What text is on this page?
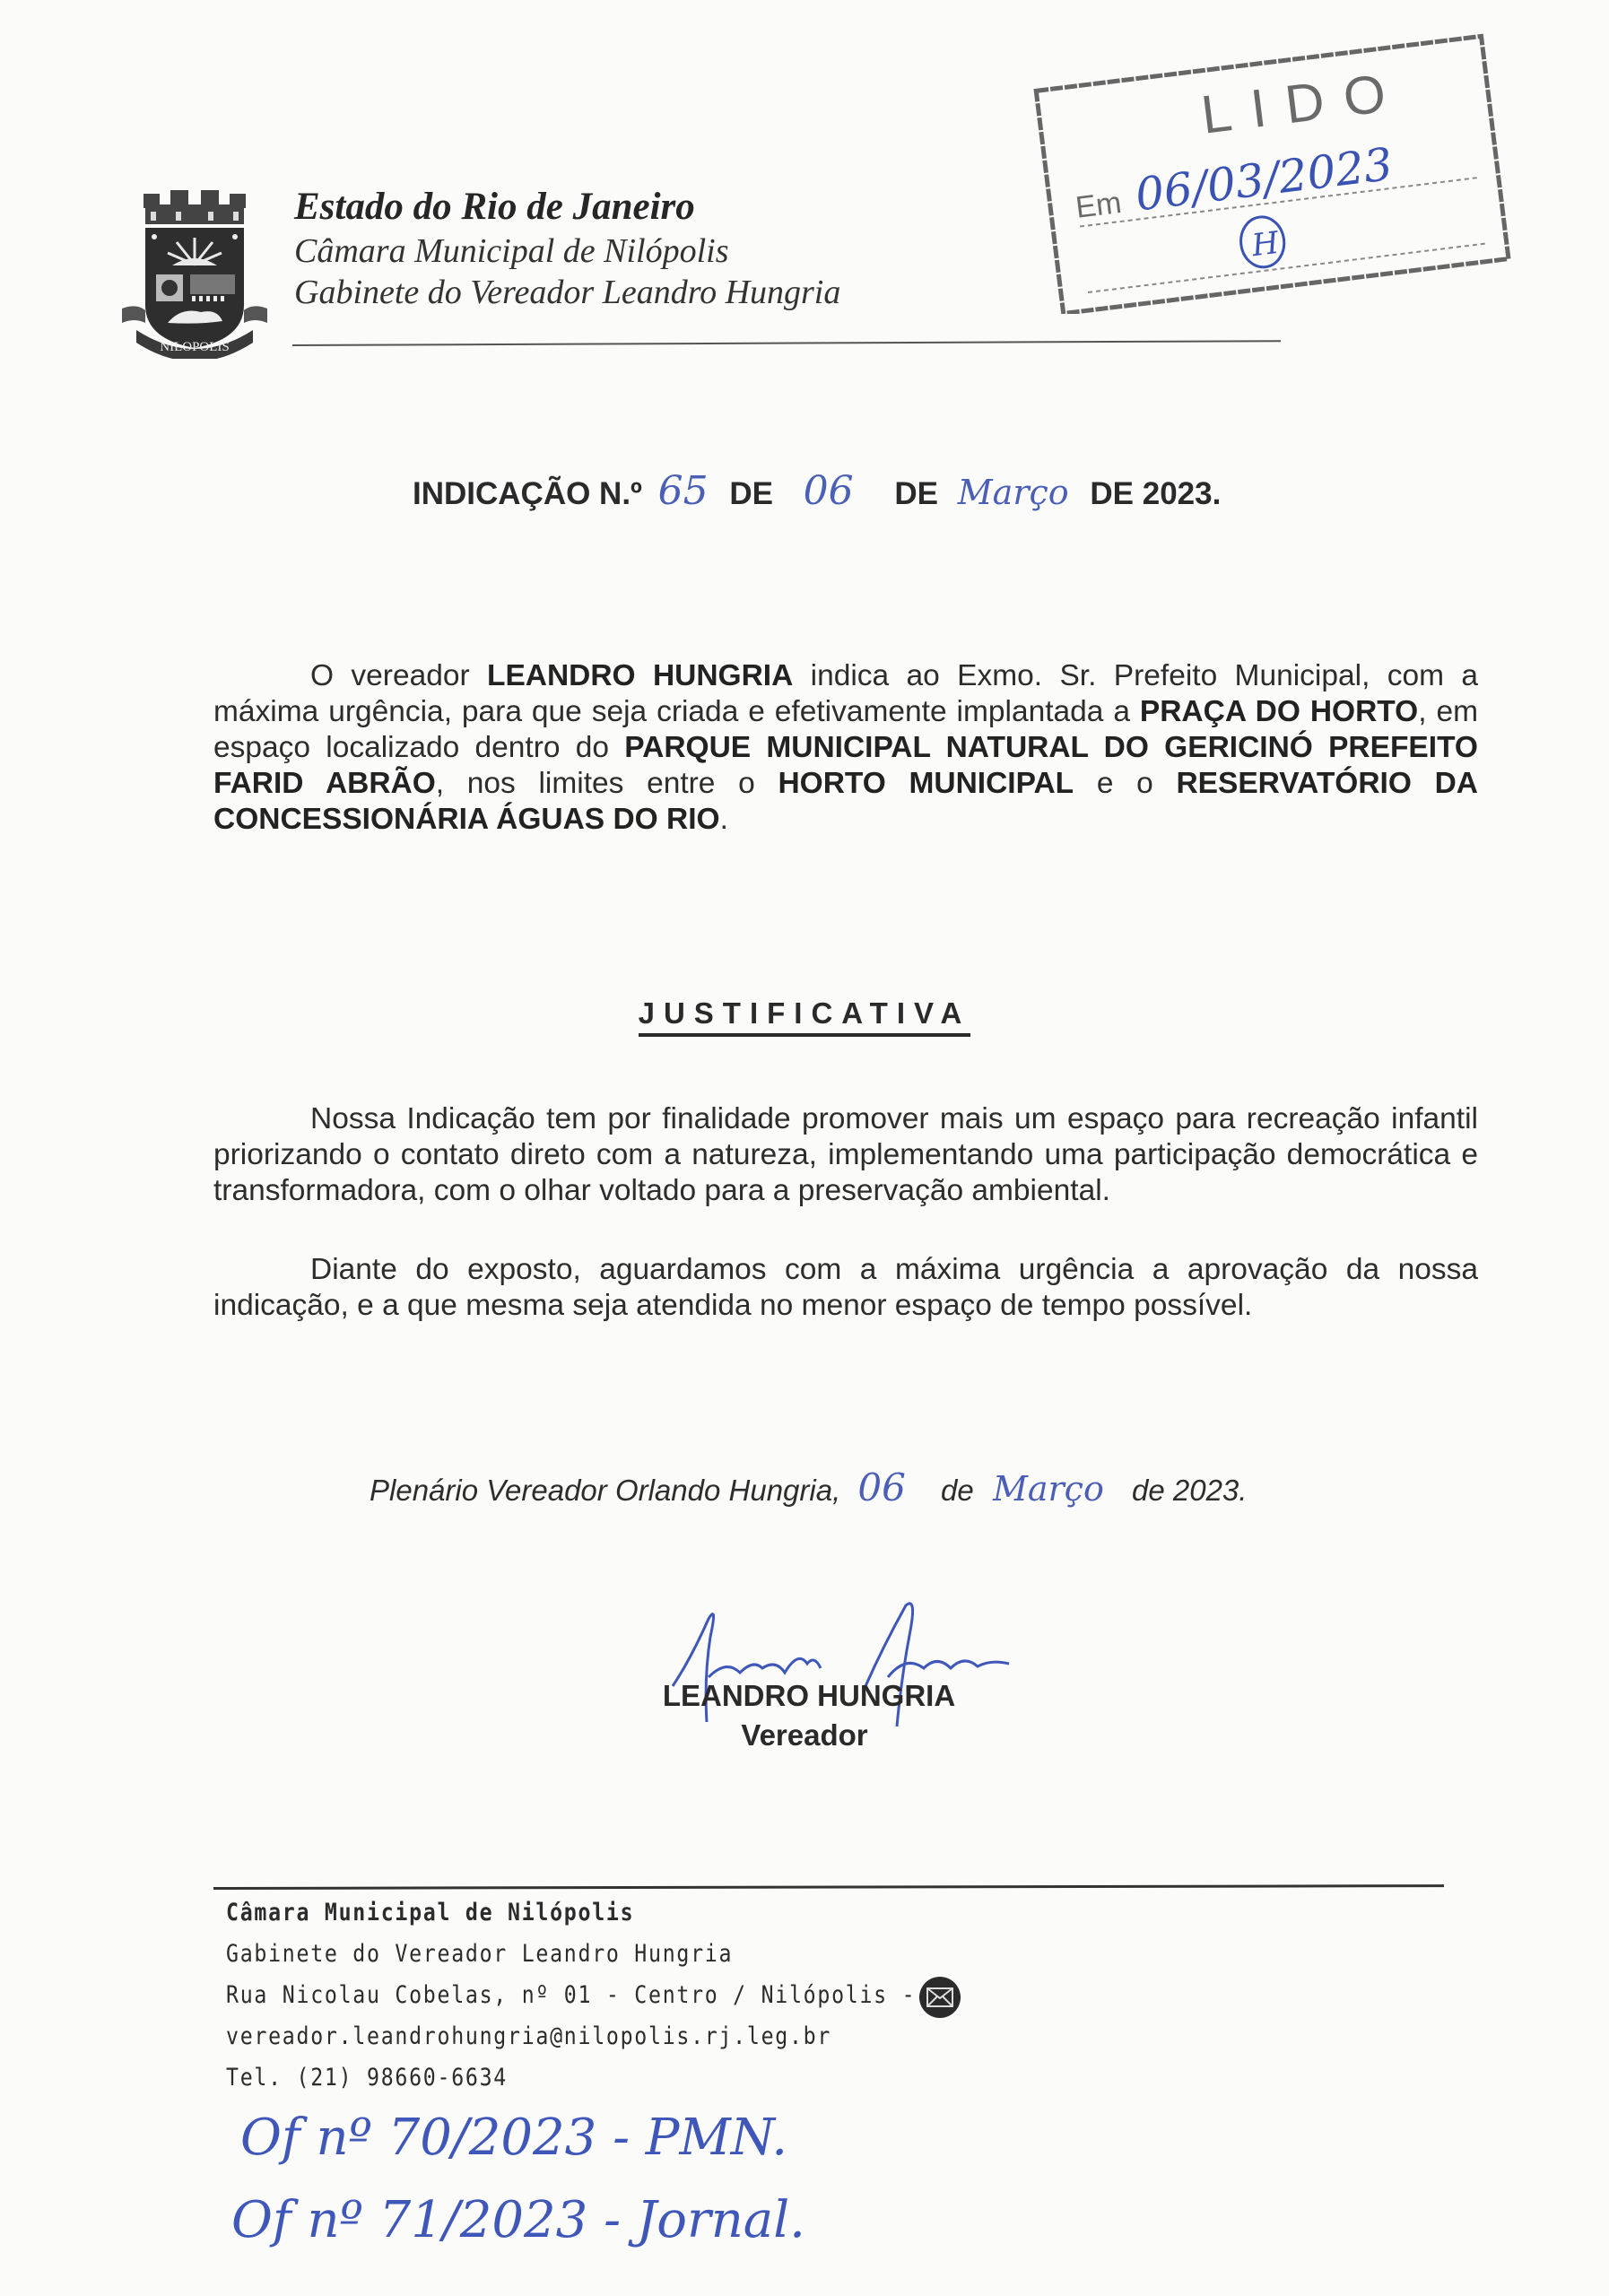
NILOPOLIS
Estado do Rio de Janeiro
Câmara Municipal de Nilópolis
Gabinete do Vereador Leandro Hungria
LIDO
Em 06/03/2023
H
INDICAÇÃO N.º 65 DE 06 DE Março DE 2023.
O vereador LEANDRO HUNGRIA indica ao Exmo. Sr. Prefeito Municipal, com a máxima urgência, para que seja criada e efetivamente implantada a PRAÇA DO HORTO, em espaço localizado dentro do PARQUE MUNICIPAL NATURAL DO GERICINÓ PREFEITO FARID ABRÃO, nos limites entre o HORTO MUNICIPAL e o RESERVATÓRIO DA CONCESSIONÁRIA ÁGUAS DO RIO.
JUSTIFICATIVA
Nossa Indicação tem por finalidade promover mais um espaço para recreação infantil priorizando o contato direto com a natureza, implementando uma participação democrática e transformadora, com o olhar voltado para a preservação ambiental.
Diante do exposto, aguardamos com a máxima urgência a aprovação da nossa indicação, e a que mesma seja atendida no menor espaço de tempo possível.
Plenário Vereador Orlando Hungria, 06 de Março de 2023.
LEANDRO HUNGRIA
Vereador
Câmara Municipal de Nilópolis
Gabinete do Vereador Leandro Hungria
Rua Nicolau Cobelas, nº 01 - Centro / Nilópolis -
vereador.leandrohungria@nilopolis.rj.leg.br
Tel. (21) 98660-6634
Of nº 70/2023 - PMN.
Of nº 71/2023 - Jornal.
